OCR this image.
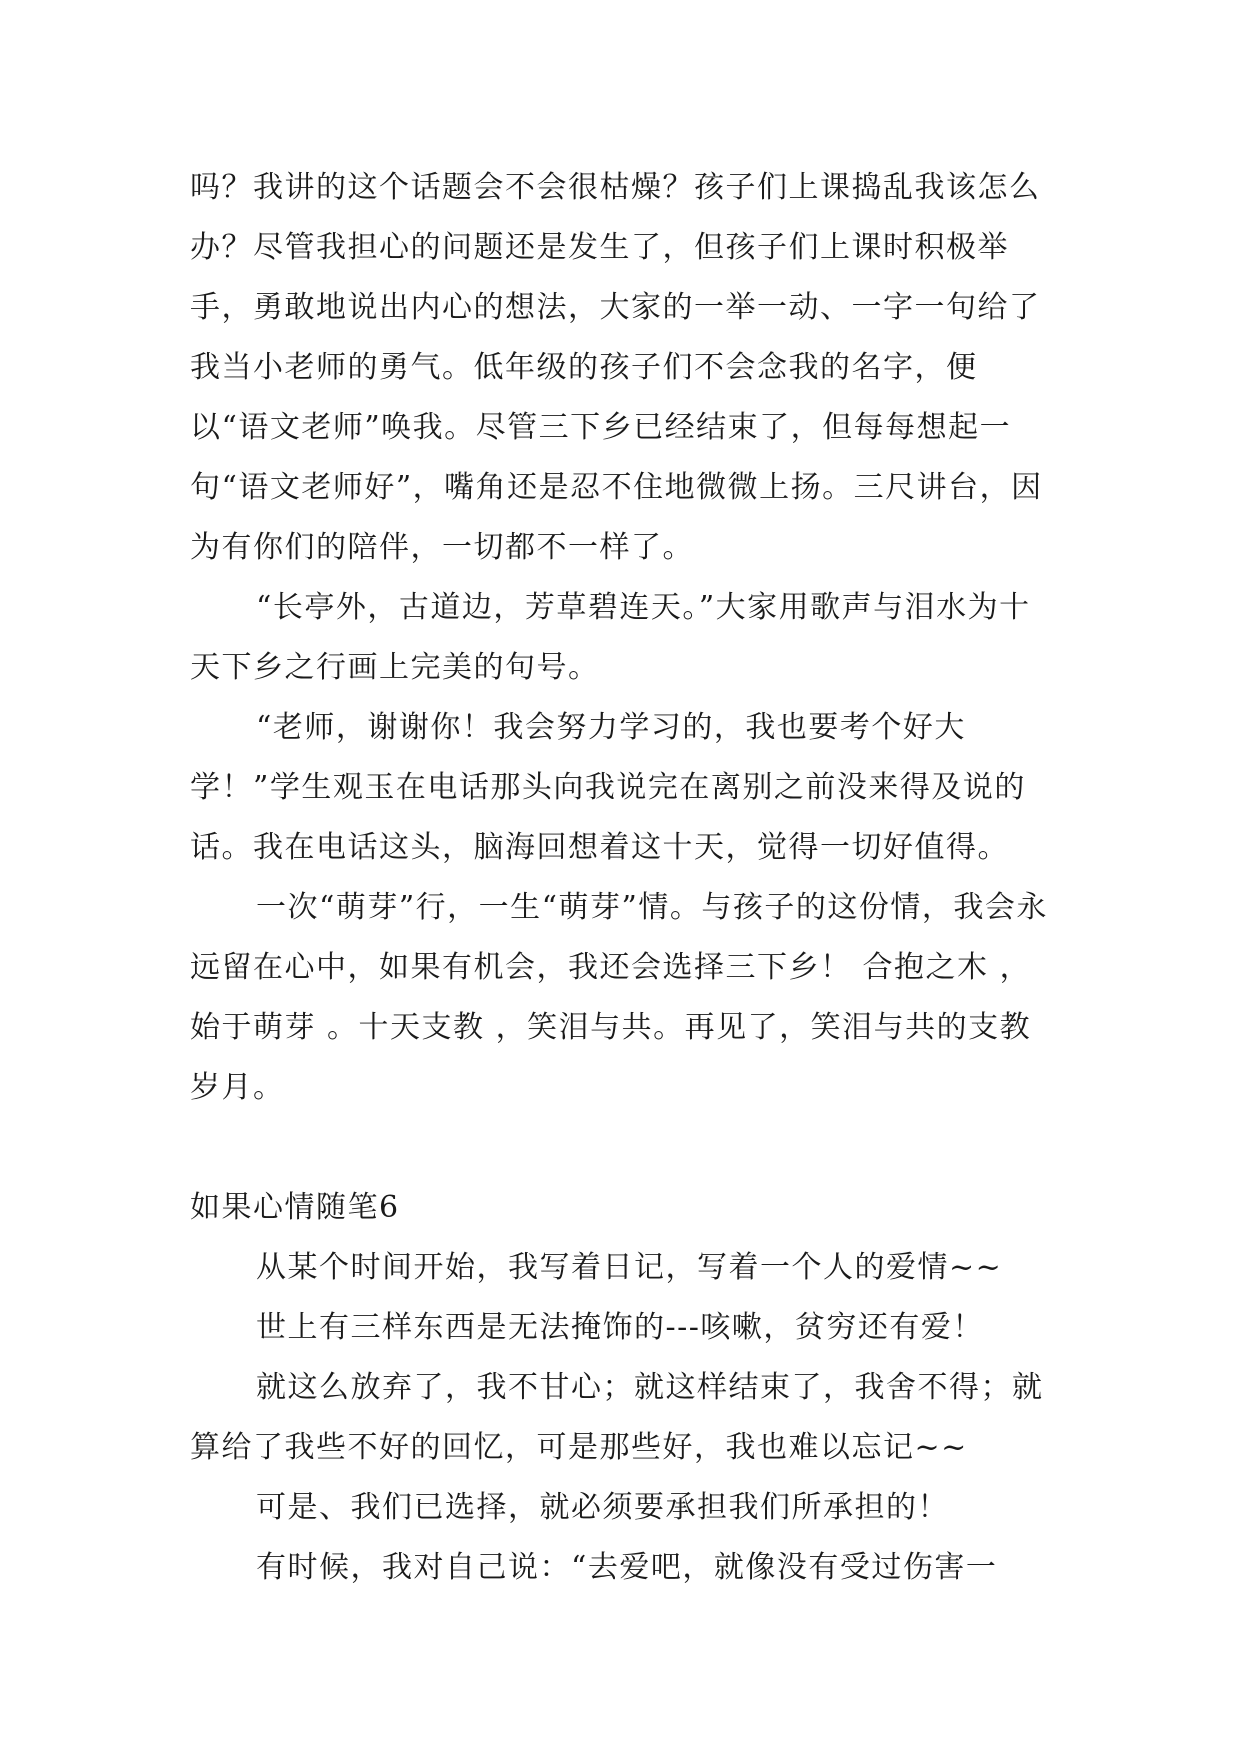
吗？我讲的这个话题会不会很枯燥？孩子们上课捣乱我该怎么办？尽管我担心的问题还是发生了，但孩子们上课时积极举手，勇敢地说出内心的想法，大家的一举一动、一字一句给了我当小老师的勇气。低年级的孩子们不会念我的名字，便以“语文老师”唤我。尽管三下乡已经结束了，但每每想起一句“语文老师好”，嘴角还是忍不住地微微上扬。三尺讲台，因为有你们的陪伴，一切都不一样了。

“长亭外，古道边，芳草碧连天。”大家用歌声与泪水为十天下乡之行画上完美的句号。

“老师，谢谢你！我会努力学习的，我也要考个好大学！”学生观玉在电话那头向我说完在离别之前没来得及说的话。我在电话这头，脑海回想着这十天，觉得一切好值得。

一次“萌芽”行，一生“萌芽”情。与孩子的这份情，我会永远留在心中，如果有机会，我还会选择三下乡！ 合抱之木 ，始于萌芽 。十天支教 ，笑泪与共。再见了，笑泪与共的支教岁月。

如果心情随笔6

从某个时间开始，我写着日记，写着一个人的爱情~~

世上有三样东西是无法掩饰的---咳嗽，贫穷还有爱！

就这么放弃了，我不甘心；就这样结束了，我舍不得；就算给了我些不好的回忆，可是那些好，我也难以忘记~~

可是、我们已选择，就必须要承担我们所承担的！

有时候，我对自己说：“去爱吧，就像没有受过伤害一
